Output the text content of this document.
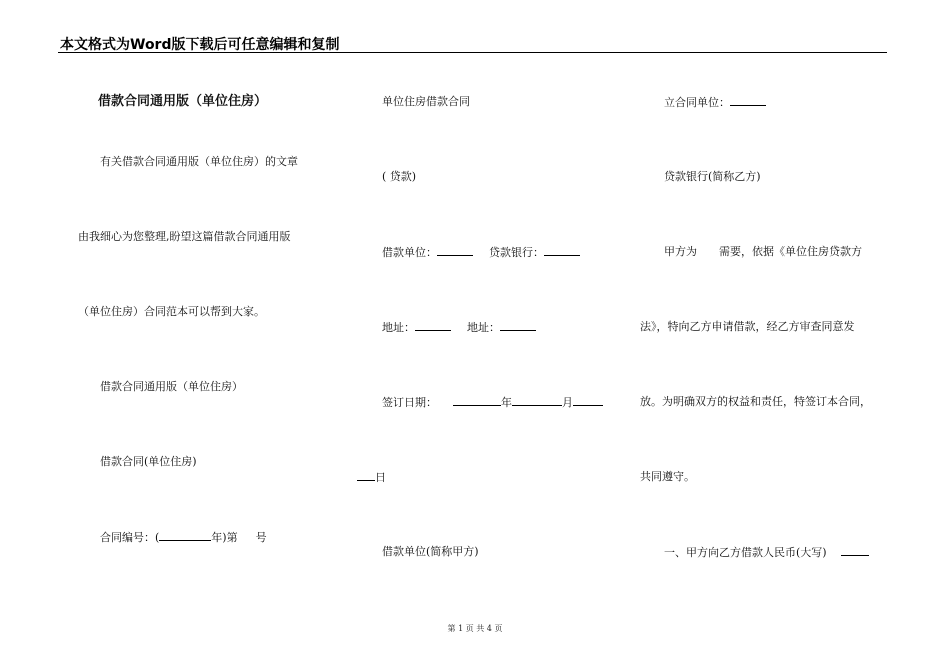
本文格式为Word版下载后可任意编辑和复制
借款合同通用版（单位住房）
有关借款合同通用版（单位住房）的文章
由我细心为您整理,盼望这篇借款合同通用版
（单位住房）合同范本可以帮到大家。
借款合同通用版（单位住房）
借款合同(单位住房)
合同编号：(	年)第 号
单位住房借款合同
( 贷款)
借款单位：	贷款银行：
地址：	地址：
签订日期：	年	月
日
借款单位(简称甲方)
立合同单位：
贷款银行(简称乙方)
甲方为　　需要，依据《单位住房贷款方
法》，特向乙方申请借款，经乙方审查同意发
放。为明确双方的权益和责任，特签订本合同，
共同遵守。
一、甲方向乙方借款人民币(大写)
第 1 页 共 4 页
